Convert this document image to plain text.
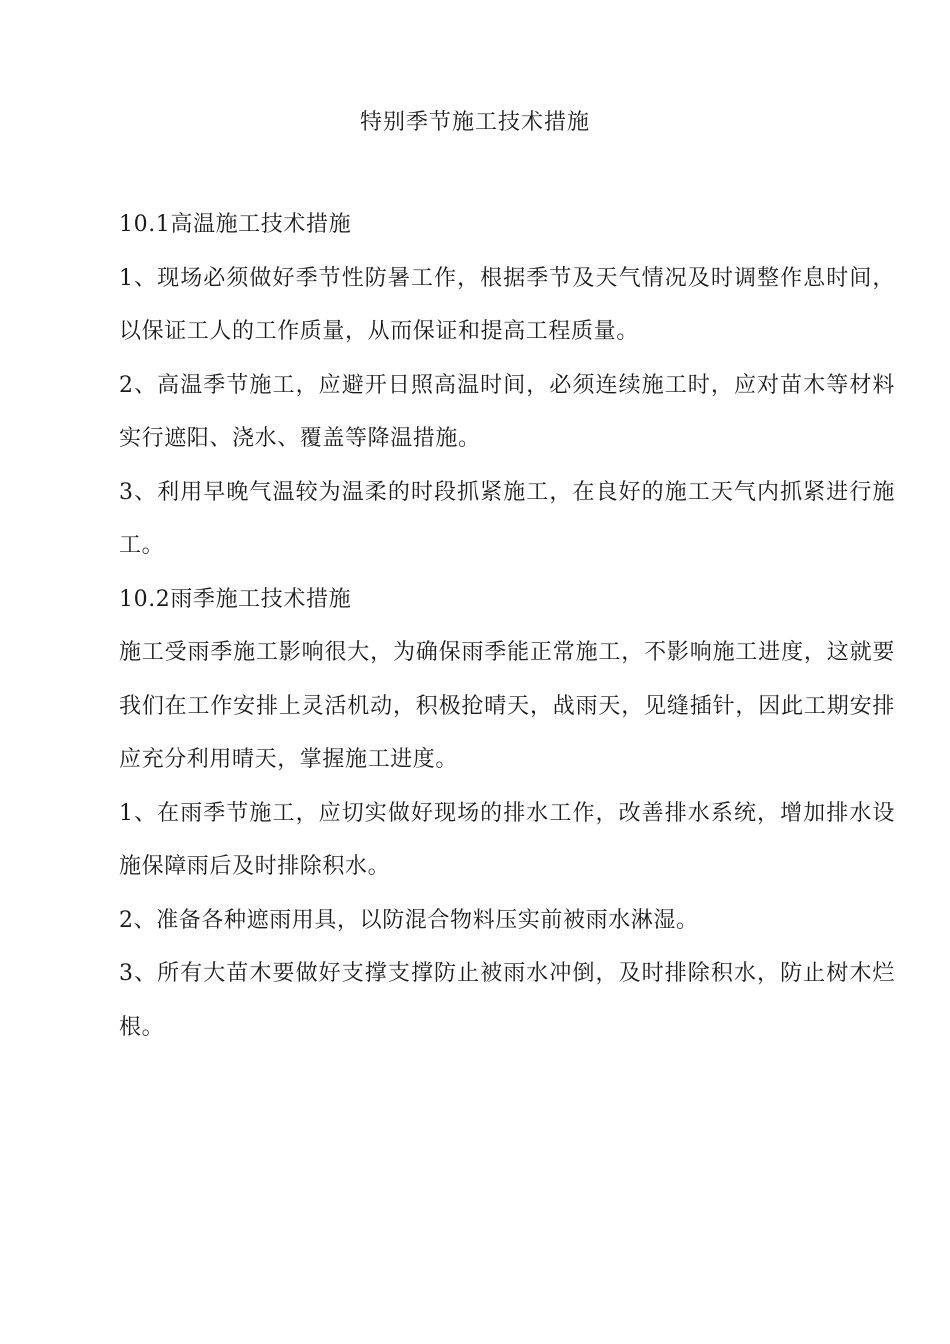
特别季节施工技术措施

10.1高温施工技术措施

1、现场必须做好季节性防暑工作，根据季节及天气情况及时调整作息时间，以保证工人的工作质量，从而保证和提高工程质量。

2、高温季节施工，应避开日照高温时间，必须连续施工时，应对苗木等材料实行遮阳、浇水、覆盖等降温措施。

3、利用早晚气温较为温柔的时段抓紧施工，在良好的施工天气内抓紧进行施工。

10.2雨季施工技术措施

施工受雨季施工影响很大，为确保雨季能正常施工，不影响施工进度，这就要我们在工作安排上灵活机动，积极抢晴天，战雨天，见缝插针，因此工期安排应充分利用晴天，掌握施工进度。

1、在雨季节施工，应切实做好现场的排水工作，改善排水系统，增加排水设施保障雨后及时排除积水。

2、准备各种遮雨用具，以防混合物料压实前被雨水淋湿。

3、所有大苗木要做好支撑支撑防止被雨水冲倒，及时排除积水，防止树木烂根。
